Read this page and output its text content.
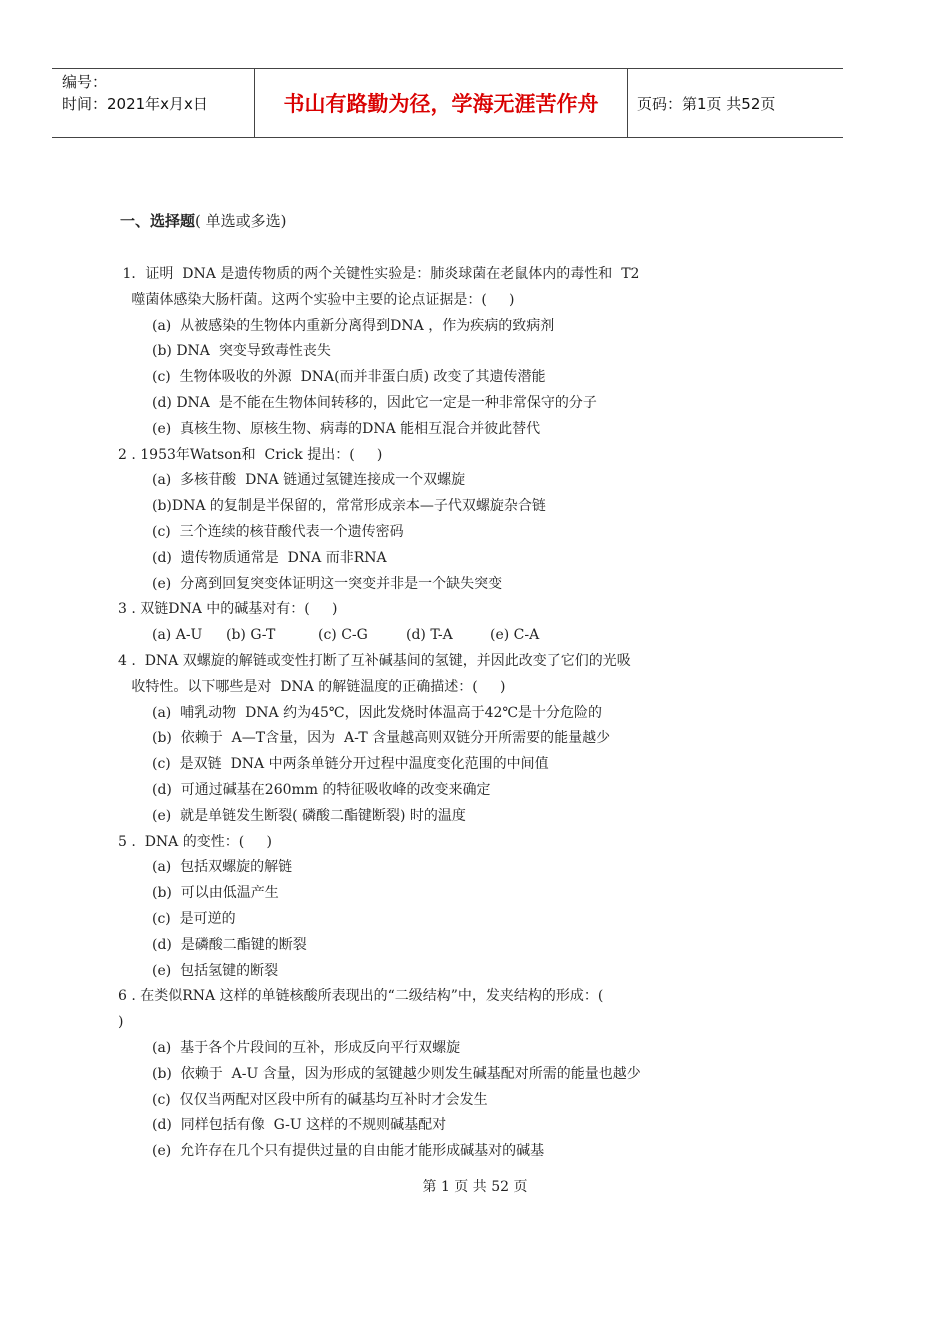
编号：
时间：2021年x月x日	书山有路勤为径，学海无涯苦作舟	页码：第1页 共52页
一、选择题( 单选或多选)
1．证明  DNA 是遗传物质的两个关键性实验是：肺炎球菌在老鼠体内的毒性和  T2
噬菌体感染大肠杆菌。这两个实验中主要的论点证据是：(     )
(a)  从被感染的生物体内重新分离得到DNA ，作为疾病的致病剂
(b) DNA  突变导致毒性丧失
(c)  生物体吸收的外源  DNA(而并非蛋白质) 改变了其遗传潜能
(d) DNA  是不能在生物体间转移的，因此它一定是一种非常保守的分子
(e)  真核生物、原核生物、病毒的DNA 能相互混合并彼此替代
2 . 1953年Watson和  Crick 提出：(     )
(a)  多核苷酸  DNA 链通过氢键连接成一个双螺旋
(b)DNA 的复制是半保留的，常常形成亲本—子代双螺旋杂合链
(c)  三个连续的核苷酸代表一个遗传密码
(d)  遗传物质通常是  DNA 而非RNA
(e)  分离到回复突变体证明这一突变并非是一个缺失突变
3 . 双链DNA 中的碱基对有：(     )
(a) A-U (b) G-T	(c) C-G	(d) T-A	(e) C-A
4 .  DNA 双螺旋的解链或变性打断了互补碱基间的氢键，并因此改变了它们的光吸
收特性。以下哪些是对  DNA 的解链温度的正确描述：(     )
(a)  哺乳动物  DNA 约为45℃，因此发烧时体温高于42℃是十分危险的
(b)  依赖于  A—T含量，因为  A-T 含量越高则双链分开所需要的能量越少
(c)  是双链  DNA 中两条单链分开过程中温度变化范围的中间值
(d)  可通过碱基在260mm 的特征吸收峰的改变来确定
(e)  就是单链发生断裂( 磷酸二酯键断裂) 时的温度
5 .  DNA 的变性：(     )
(a)  包括双螺旋的解链
(b)  可以由低温产生
(c)  是可逆的
(d)  是磷酸二酯键的断裂
(e)  包括氢键的断裂
6 . 在类似RNA 这样的单链核酸所表现出的“二级结构”中，发夹结构的形成：(
)
(a)  基于各个片段间的互补，形成反向平行双螺旋
(b)  依赖于  A-U 含量，因为形成的氢键越少则发生碱基配对所需的能量也越少
(c)  仅仅当两配对区段中所有的碱基均互补时才会发生
(d)  同样包括有像  G-U 这样的不规则碱基配对
(e)  允许存在几个只有提供过量的自由能才能形成碱基对的碱基
第 1 页 共 52 页
